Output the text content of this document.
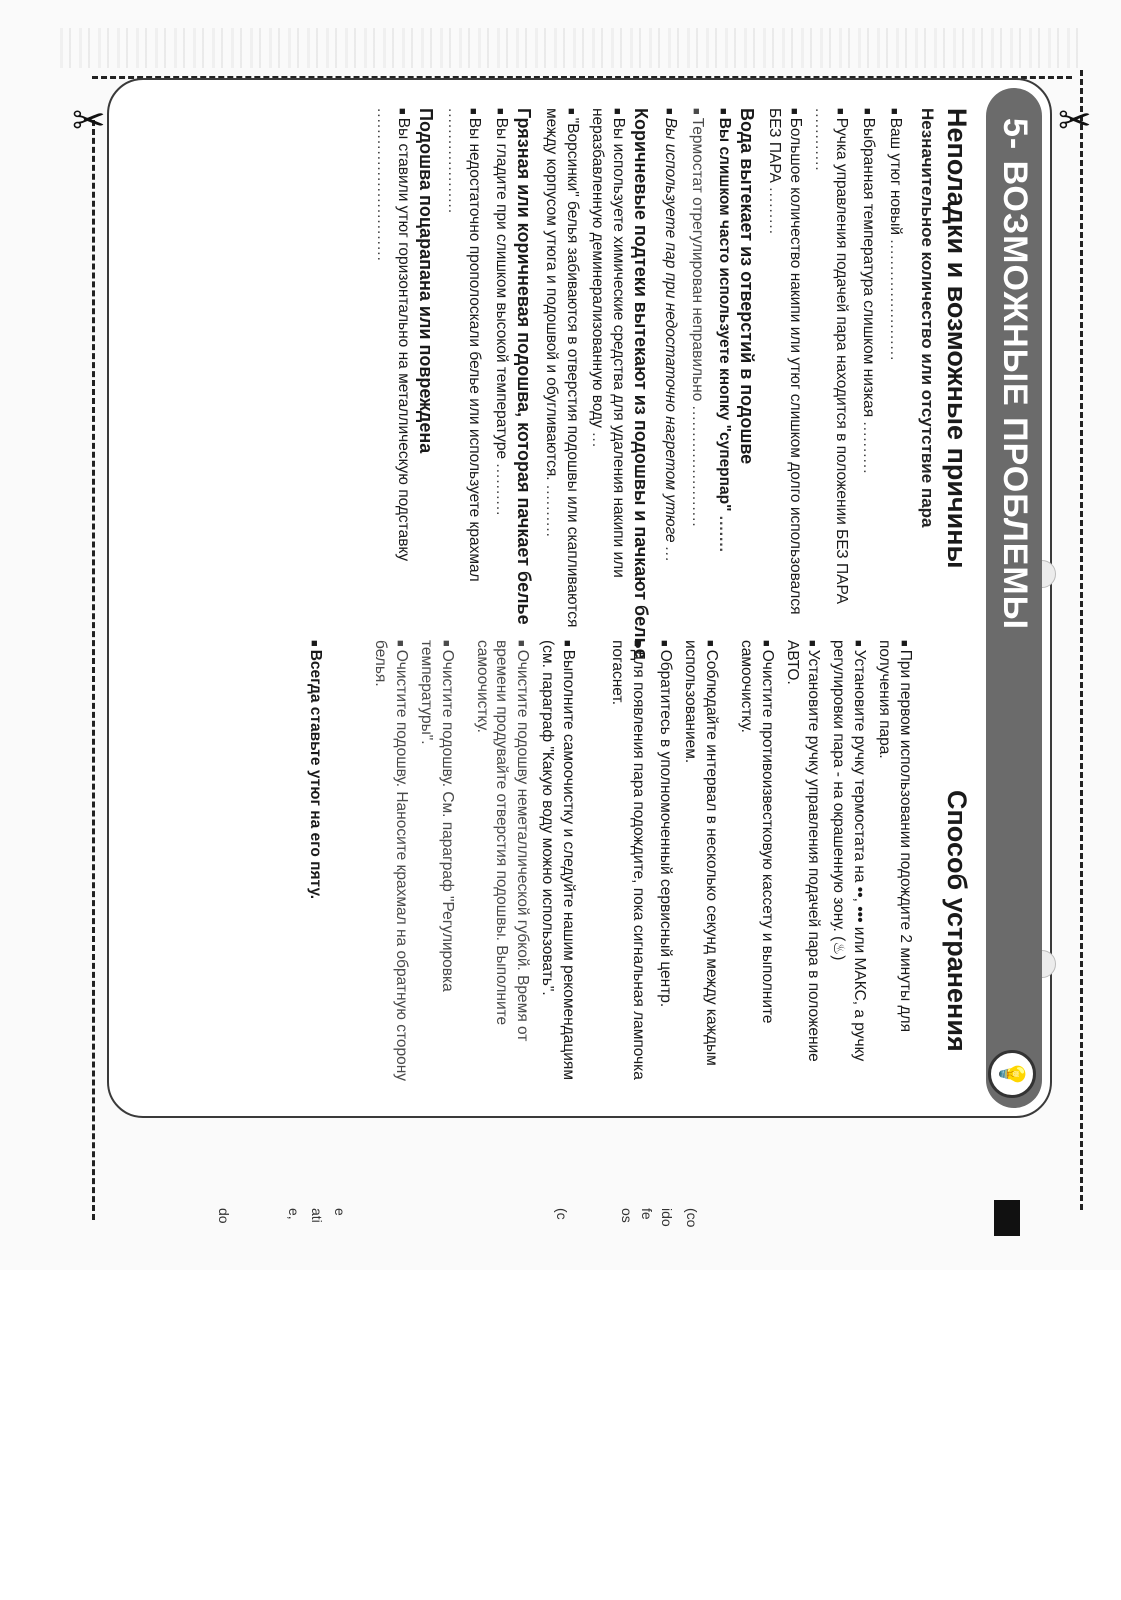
✂	✂
5- ВОЗМОЖНЫЕ ПРОБЛЕМЫ
💡
Неполадки и возможные причины
Незначительное количество или отсутствие пара

■ Ваш утюг новый .......................

■ Выбранная температура слишком низкая ..........

■ Ручка управления подачей пара находится в положении БЕЗ ПАРА ............

■ Большое количество накипи или утюг слишком долго использовался БЕЗ ПАРА .........

Вода вытекает из отверстий в подошве

■ Вы слишком часто используете кнопку "суперпар" .......

■ Термостат отрегулирован неправильно .......................

■ Вы используете пар при недостаточно нагретом утюге ...

Коричневые подтеки вытекают из подошвы и пачкают белье

■ Вы используете химические средства для удаления накипи или неразбавленную деминерализованную воду ...

■ "Ворсинки" белья забиваются в отверстия подошвы или скапливаются между корпусом утюга и подошвой и обугливаются. ..........

Грязная или коричневая подошва, которая пачкает белье

■ Вы гладите при слишком высокой температуре ..........

■ Вы недостаточно прополоскали белье или используете крахмал ....................

Подошва поцарапана или повреждена

■ Вы ставили утюг горизонтально на металлическую подставку .............................

Способ устранения

■ При первом использовании подождите 2 минуты для получения пара.

■ Установите ручку термостата на ••, ••• или МАКС, а ручку регулировки пара - на окрашенную зону. (♨)

■ Установите ручку управления подачей пара в положение АВТО.

■ Очистите противоизвестковую кассету и выполните самоочистку.

■ Соблюдайте интервал в несколько секунд между каждым использованием.

■ Обратитесь в уполномоченный сервисный центр.

■ Для появления пара подождите, пока сигнальная лампочка погаснет.

■ Выполните самоочистку и следуйте нашим рекомендациям (см. параграф "Какую воду можно использовать".

■ Очистите подошву неметаллической губкой. Время от времени продувайте отверстия подошвы. Выполните самоочистку.

■ Очистите подошву. См. параграф "Регулировка температуры".

■ Очистите подошву. Наносите крахмал на обратную сторону белья.

■ Всегда ставьте утюг на его пяту.

(co
ido
fe
os
(c
e
ati
e,
do
